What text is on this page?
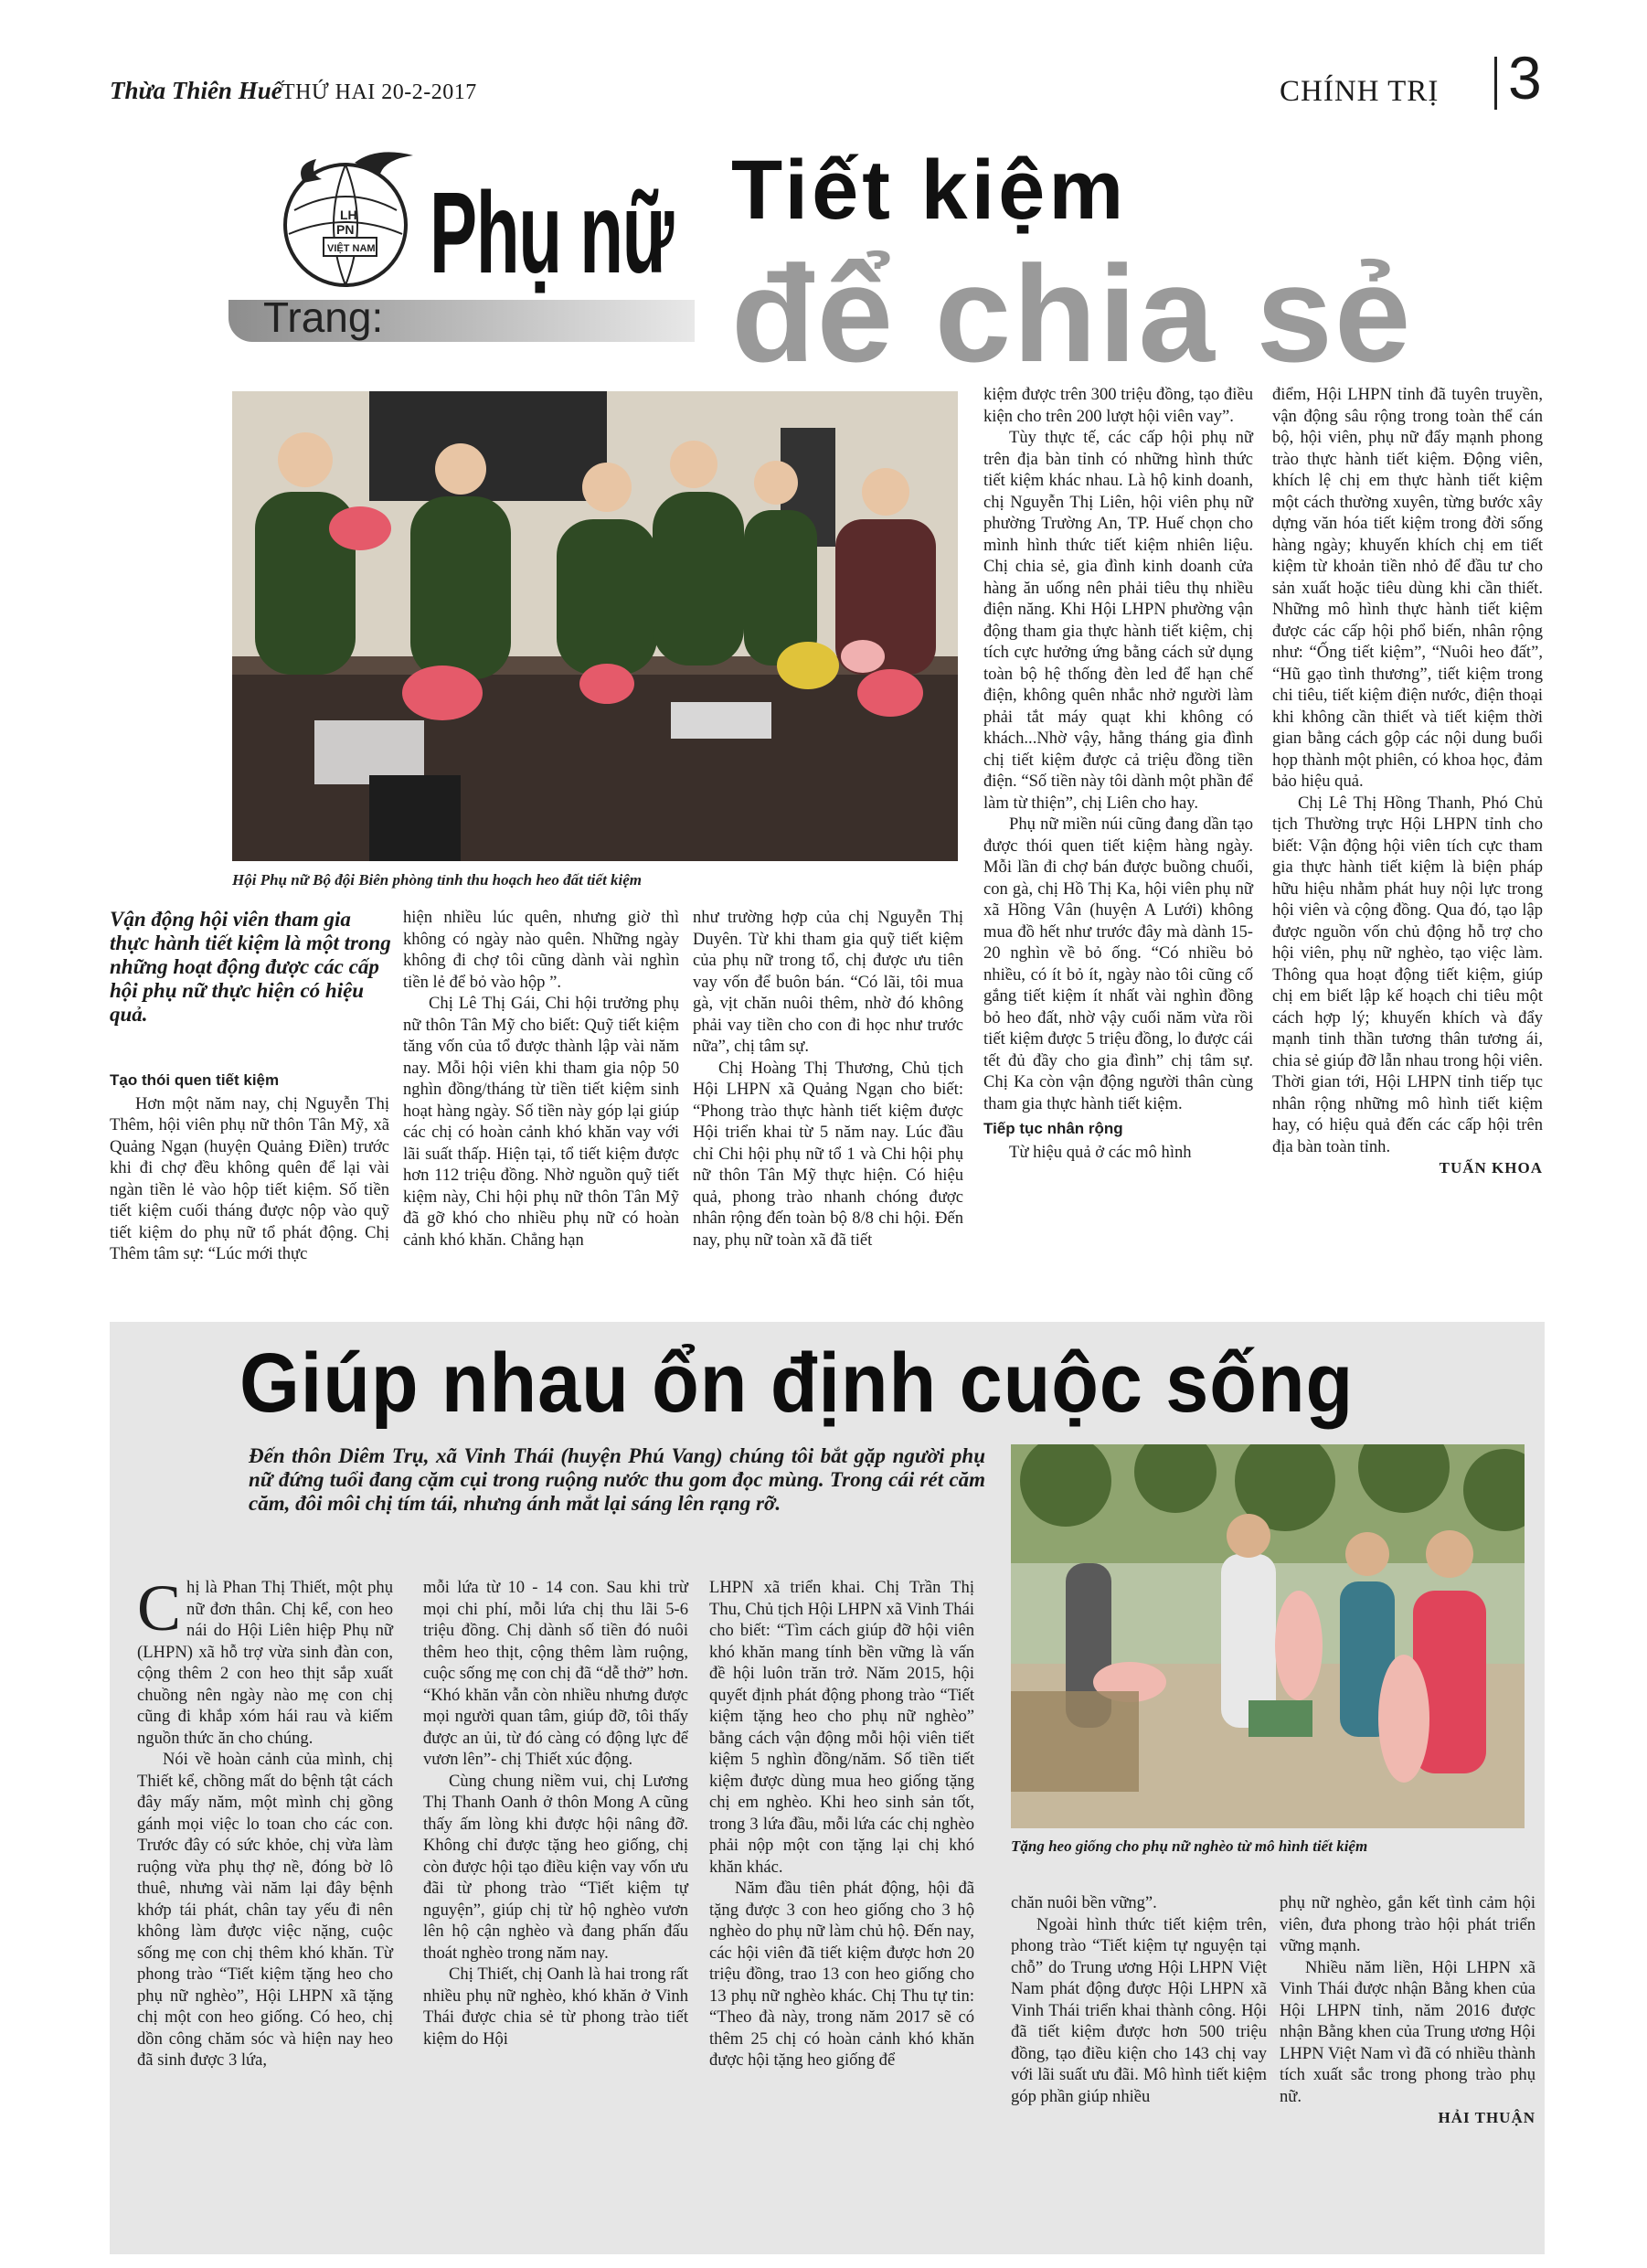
Thừa Thiên Huế THỨ HAI 20-2-2017	CHÍNH TRỊ 3
Trang:
LH
PN
VIỆT NAM Phụ nữ Tiết kiệm
để chia sẻ
Hội Phụ nữ Bộ đội Biên phòng tỉnh thu hoạch heo đất tiết kiệm
Vận động hội viên tham gia thực hành tiết kiệm là một trong những hoạt động được các cấp hội phụ nữ thực hiện có hiệu quả.
Tạo thói quen tiết kiệm

Hơn một năm nay, chị Nguyễn Thị Thêm, hội viên phụ nữ thôn Tân Mỹ, xã Quảng Ngạn (huyện Quảng Điền) trước khi đi chợ đều không quên để lại vài ngàn tiền lẻ vào hộp tiết kiệm. Số tiền tiết kiệm cuối tháng được nộp vào quỹ tiết kiệm do phụ nữ tổ phát động. Chị Thêm tâm sự: “Lúc mới thực

hiện nhiều lúc quên, nhưng giờ thì không có ngày nào quên. Những ngày không đi chợ tôi cũng dành vài nghìn tiền lẻ để bỏ vào hộp ”.

Chị Lê Thị Gái, Chi hội trưởng phụ nữ thôn Tân Mỹ cho biết: Quỹ tiết kiệm tăng vốn của tổ được thành lập vài năm nay. Mỗi hội viên khi tham gia nộp 50 nghìn đồng/tháng từ tiền tiết kiệm sinh hoạt hàng ngày. Số tiền này góp lại giúp các chị có hoàn cảnh khó khăn vay với lãi suất thấp. Hiện tại, tổ tiết kiệm được hơn 112 triệu đồng. Nhờ nguồn quỹ tiết kiệm này, Chi hội phụ nữ thôn Tân Mỹ đã gỡ khó cho nhiều phụ nữ có hoàn cảnh khó khăn. Chẳng hạn

như trường hợp của chị Nguyễn Thị Duyên. Từ khi tham gia quỹ tiết kiệm của phụ nữ trong tổ, chị được ưu tiên vay vốn để buôn bán. “Có lãi, tôi mua gà, vịt chăn nuôi thêm, nhờ đó không phải vay tiền cho con đi học như trước nữa”, chị tâm sự.

Chị Hoàng Thị Thương, Chủ tịch Hội LHPN xã Quảng Ngạn cho biết: “Phong trào thực hành tiết kiệm được Hội triển khai từ 5 năm nay. Lúc đầu chỉ Chi hội phụ nữ tổ 1 và Chi hội phụ nữ thôn Tân Mỹ thực hiện. Có hiệu quả, phong trào nhanh chóng được nhân rộng đến toàn bộ 8/8 chi hội. Đến nay, phụ nữ toàn xã đã tiết

kiệm được trên 300 triệu đồng, tạo điều kiện cho trên 200 lượt hội viên vay”.

Tùy thực tế, các cấp hội phụ nữ trên địa bàn tỉnh có những hình thức tiết kiệm khác nhau. Là hộ kinh doanh, chị Nguyễn Thị Liên, hội viên phụ nữ phường Trường An, TP. Huế chọn cho mình hình thức tiết kiệm nhiên liệu. Chị chia sẻ, gia đình kinh doanh cửa hàng ăn uống nên phải tiêu thụ nhiều điện năng. Khi Hội LHPN phường vận động tham gia thực hành tiết kiệm, chị tích cực hưởng ứng bằng cách sử dụng toàn bộ hệ thống đèn led để hạn chế điện, không quên nhắc nhở người làm phải tắt máy quạt khi không có khách...Nhờ vậy, hằng tháng gia đình chị tiết kiệm được cả triệu đồng tiền điện. “Số tiền này tôi dành một phần để làm từ thiện”, chị Liên cho hay.

Phụ nữ miền núi cũng đang dần tạo được thói quen tiết kiệm hàng ngày. Mỗi lần đi chợ bán được buồng chuối, con gà, chị Hồ Thị Ka, hội viên phụ nữ xã Hồng Vân (huyện A Lưới) không mua đồ hết như trước đây mà dành 15-20 nghìn về bỏ ống. “Có nhiều bỏ nhiều, có ít bỏ ít, ngày nào tôi cũng cố gắng tiết kiệm ít nhất vài nghìn đồng bỏ heo đất, nhờ vậy cuối năm vừa rồi tiết kiệm được 5 triệu đồng, lo được cái tết đủ đầy cho gia đình” chị tâm sự. Chị Ka còn vận động người thân cùng tham gia thực hành tiết kiệm.

Tiếp tục nhân rộng

Từ hiệu quả ở các mô hình

điểm, Hội LHPN tỉnh đã tuyên truyền, vận động sâu rộng trong toàn thể cán bộ, hội viên, phụ nữ đẩy mạnh phong trào thực hành tiết kiệm. Động viên, khích lệ chị em thực hành tiết kiệm một cách thường xuyên, từng bước xây dựng văn hóa tiết kiệm trong đời sống hàng ngày; khuyến khích chị em tiết kiệm từ khoản tiền nhỏ để đầu tư cho sản xuất hoặc tiêu dùng khi cần thiết. Những mô hình thực hành tiết kiệm được các cấp hội phổ biến, nhân rộng như: “Ống tiết kiệm”, “Nuôi heo đất”, “Hũ gạo tình thương”, tiết kiệm trong chi tiêu, tiết kiệm điện nước, điện thoại khi không cần thiết và tiết kiệm thời gian bằng cách gộp các nội dung buổi họp thành một phiên, có khoa học, đảm bảo hiệu quả.

Chị Lê Thị Hồng Thanh, Phó Chủ tịch Thường trực Hội LHPN tỉnh cho biết: Vận động hội viên tích cực tham gia thực hành tiết kiệm là biện pháp hữu hiệu nhằm phát huy nội lực trong hội viên và cộng đồng. Qua đó, tạo lập được nguồn vốn chủ động hỗ trợ cho hội viên, phụ nữ nghèo, tạo việc làm. Thông qua hoạt động tiết kiệm, giúp chị em biết lập kế hoạch chi tiêu một cách hợp lý; khuyến khích và đẩy mạnh tinh thần tương thân tương ái, chia sẻ giúp đỡ lẫn nhau trong hội viên. Thời gian tới, Hội LHPN tỉnh tiếp tục nhân rộng những mô hình tiết kiệm hay, có hiệu quả đến các cấp hội trên địa bàn toàn tỉnh.

TUẤN KHOA
Giúp nhau ổn định cuộc sống
Đến thôn Diêm Trụ, xã Vinh Thái (huyện Phú Vang) chúng tôi bắt gặp người phụ nữ đứng tuổi đang cặm cụi trong ruộng nước thu gom đọc mùng. Trong cái rét căm căm, đôi môi chị tím tái, nhưng ánh mắt lại sáng lên rạng rỡ.
Tặng heo giống cho phụ nữ nghèo từ mô hình tiết kiệm
C hị là Phan Thị Thiết, một phụ nữ đơn thân. Chị kể, con heo nái do Hội Liên hiệp Phụ nữ (LHPN) xã hỗ trợ vừa sinh đàn con, cộng thêm 2 con heo thịt sắp xuất chuồng nên ngày nào mẹ con chị cũng đi khắp xóm hái rau và kiếm nguồn thức ăn cho chúng.

Nói về hoàn cảnh của mình, chị Thiết kể, chồng mất do bệnh tật cách đây mấy năm, một mình chị gồng gánh mọi việc lo toan cho các con. Trước đây có sức khỏe, chị vừa làm ruộng vừa phụ thợ nề, đóng bờ lô thuê, nhưng vài năm lại đây bệnh khớp tái phát, chân tay yếu đi nên không làm được việc nặng, cuộc sống mẹ con chị thêm khó khăn. Từ phong trào “Tiết kiệm tặng heo cho phụ nữ nghèo”, Hội LHPN xã tặng chị một con heo giống. Có heo, chị dồn công chăm sóc và hiện nay heo đã sinh được 3 lứa,

mỗi lứa từ 10 - 14 con. Sau khi trừ mọi chi phí, mỗi lứa chị thu lãi 5-6 triệu đồng. Chị dành số tiền đó nuôi thêm heo thịt, cộng thêm làm ruộng, cuộc sống mẹ con chị đã “dễ thở” hơn. “Khó khăn vẫn còn nhiều nhưng được mọi người quan tâm, giúp đỡ, tôi thấy được an ủi, từ đó càng có động lực để vươn lên”- chị Thiết xúc động.

Cùng chung niềm vui, chị Lương Thị Thanh Oanh ở thôn Mong A cũng thấy ấm lòng khi được hội nâng đỡ. Không chỉ được tặng heo giống, chị còn được hội tạo điều kiện vay vốn ưu đãi từ phong trào “Tiết kiệm tự nguyện”, giúp chị từ hộ nghèo vươn lên hộ cận nghèo và đang phấn đấu thoát nghèo trong năm nay.

Chị Thiết, chị Oanh là hai trong rất nhiều phụ nữ nghèo, khó khăn ở Vinh Thái được chia sẻ từ phong trào tiết kiệm do Hội

LHPN xã triển khai. Chị Trần Thị Thu, Chủ tịch Hội LHPN xã Vinh Thái cho biết: “Tìm cách giúp đỡ hội viên khó khăn mang tính bền vững là vấn đề hội luôn trăn trở. Năm 2015, hội quyết định phát động phong trào “Tiết kiệm tặng heo cho phụ nữ nghèo” bằng cách vận động mỗi hội viên tiết kiệm 5 nghìn đồng/năm. Số tiền tiết kiệm được dùng mua heo giống tặng chị em nghèo. Khi heo sinh sản tốt, trong 3 lứa đầu, mỗi lứa các chị nghèo phải nộp một con tặng lại chị khó khăn khác.

Năm đầu tiên phát động, hội đã tặng được 3 con heo giống cho 3 hộ nghèo do phụ nữ làm chủ hộ. Đến nay, các hội viên đã tiết kiệm được hơn 20 triệu đồng, trao 13 con heo giống cho 13 phụ nữ nghèo khác. Chị Thu tự tin: “Theo đà này, trong năm 2017 sẽ có thêm 25 chị có hoàn cảnh khó khăn được hội tặng heo giống để

chăn nuôi bền vững”.

Ngoài hình thức tiết kiệm trên, phong trào “Tiết kiệm tự nguyện tại chỗ” do Trung ương Hội LHPN Việt Nam phát động được Hội LHPN xã Vinh Thái triển khai thành công. Hội đã tiết kiệm được hơn 500 triệu đồng, tạo điều kiện cho 143 chị vay với lãi suất ưu đãi. Mô hình tiết kiệm góp phần giúp nhiều

phụ nữ nghèo, gắn kết tình cảm hội viên, đưa phong trào hội phát triển vững mạnh.

Nhiều năm liền, Hội LHPN xã Vinh Thái được nhận Bằng khen của Hội LHPN tỉnh, năm 2016 được nhận Bằng khen của Trung ương Hội LHPN Việt Nam vì đã có nhiều thành tích xuất sắc trong phong trào phụ nữ.

HẢI THUẬN
